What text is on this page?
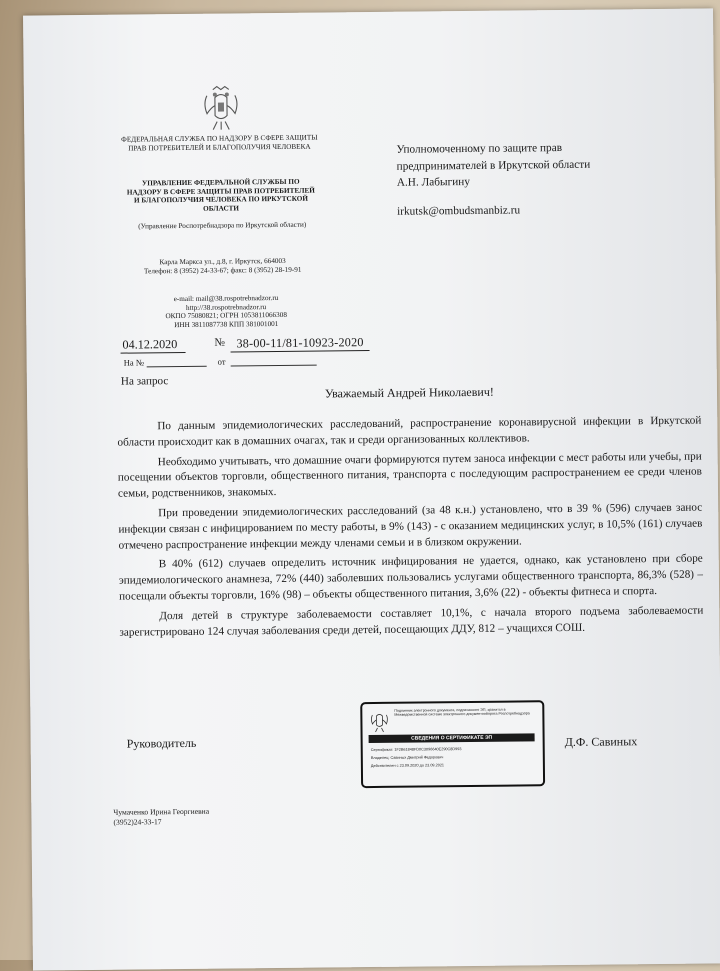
ФЕДЕРАЛЬНАЯ СЛУЖБА ПО НАДЗОРУ В СФЕРЕ ЗАЩИТЫ ПРАВ ПОТРЕБИТЕЛЕЙ И БЛАГОПОЛУЧИЯ ЧЕЛОВЕКА
УПРАВЛЕНИЕ ФЕДЕРАЛЬНОЙ СЛУЖБЫ ПО НАДЗОРУ В СФЕРЕ ЗАЩИТЫ ПРАВ ПОТРЕБИТЕЛЕЙ И БЛАГОПОЛУЧИЯ ЧЕЛОВЕКА ПО ИРКУТСКОЙ ОБЛАСТИ
(Управление Роспотребнадзора по Иркутской области)
Карла Маркса ул., д.8, г. Иркутск, 664003
Телефон: 8 (3952) 24-33-67; факс: 8 (3952) 28-19-91
e-mail: mail@38.rospotrebnadzor.ru
http://38.rospotrebnadzor.ru
ОКПО 75080821; ОГРН 1053811066308
ИНН 3811087738 КПП 381001001
Уполномоченному по защите прав
предпринимателей в Иркутской области
А.Н. Лабыгину
irkutsk@ombudsmanbiz.ru
04.12.2020	№ 38-00-11/81-10923-2020
На №	от
На запрос
Уважаемый Андрей Николаевич!

По данным эпидемиологических расследований, распространение коронавирусной инфекции в Иркутской области происходит как в домашних очагах, так и среди организованных коллективов.

Необходимо учитывать, что домашние очаги формируются путем заноса инфекции с мест работы или учебы, при посещении объектов торговли, общественного питания, транспорта с последующим распространением ее среди членов семьи, родственников, знакомых.

При проведении эпидемиологических расследований (за 48 к.н.) установлено, что в 39 % (596) случаев занос инфекции связан с инфицированием по месту работы, в 9% (143) - с оказанием медицинских услуг, в 10,5% (161) случаев отмечено распространение инфекции между членами семьи и в близком окружении.

В 40% (612) случаев определить источник инфицирования не удается, однако, как установлено при сборе эпидемиологического анамнеза, 72% (440) заболевших пользовались услугами общественного транспорта, 86,3% (528) – посещали объекты торговли, 16% (98) – объекты общественного питания, 3,6% (22) - объекты фитнеса и спорта.

Доля детей в структуре заболеваемости составляет 10,1%, с начала второго подъема заболеваемости зарегистрировано 124 случая заболевания среди детей, посещающих ДДУ, 812 – учащихся СОШ.

Руководитель
Подлинник электронного документа, подписанного ЭП, хранится в Межведомственной системе электронного документооборота Роспотребнадзора
СВЕДЕНИЯ О СЕРТИФИКАТЕ ЭП
Сертификат: 1F2B61848FD0C3096640E290C8D993
Владелец: Савиных Дмитрий Федорович
Действителен с 23.09.2020 до 23.09.2021
Д.Ф. Савиных
Чумаченко Ирина Георгиевна
(3952)24-33-17
